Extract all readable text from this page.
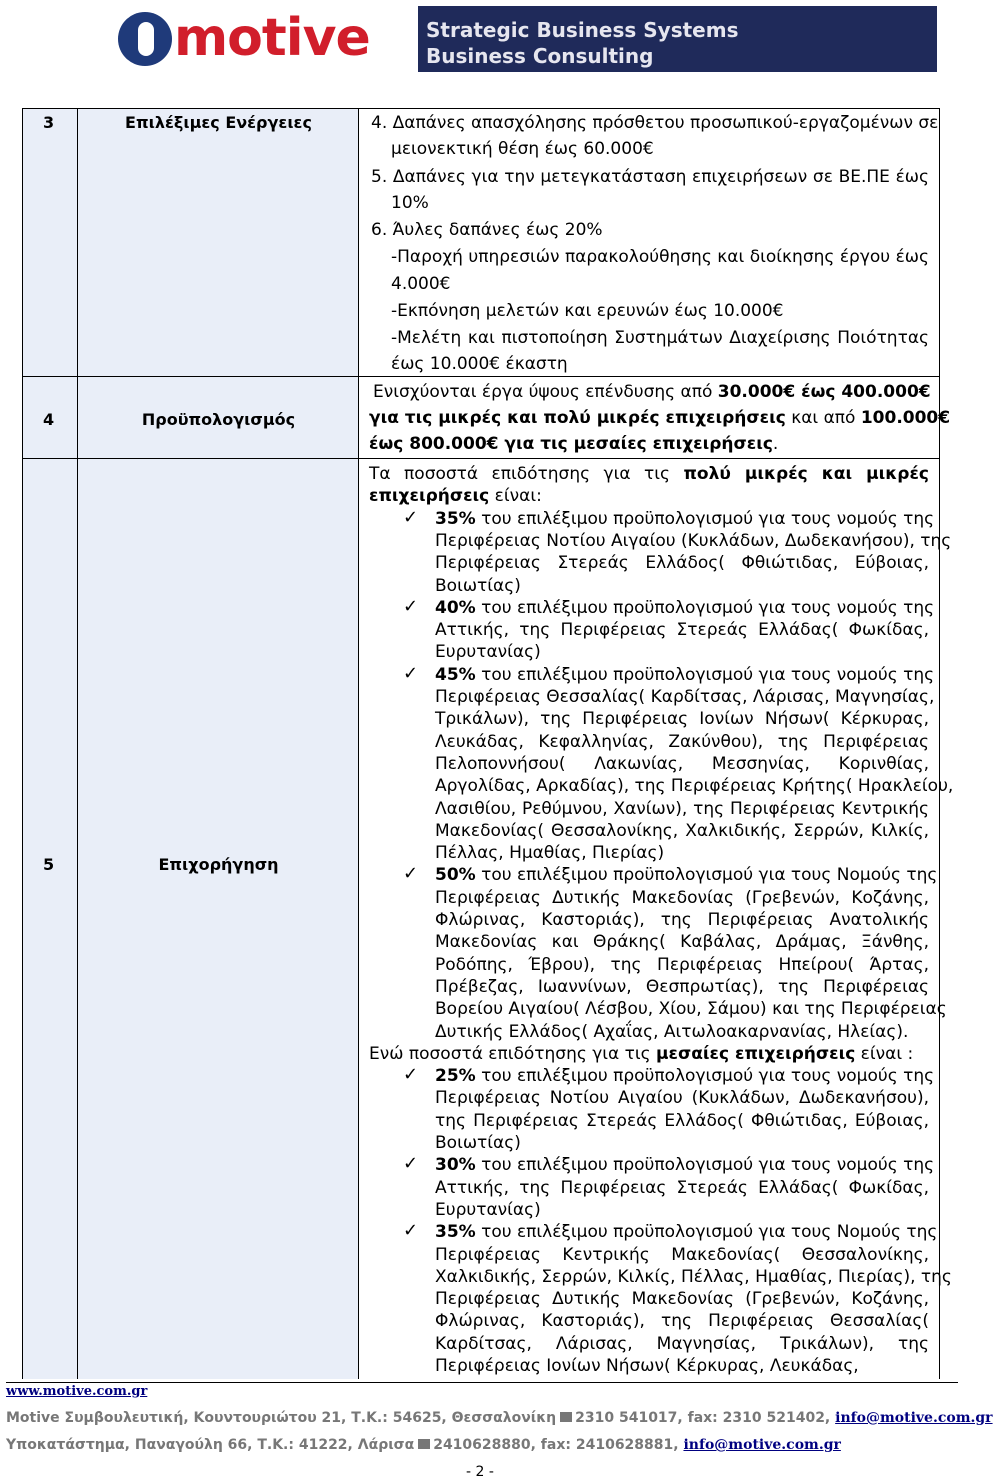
motive	Strategic Business Systems
Business Consulting
3	Επιλέξιμες Ενέργειες	4. Δαπάνες απασχόλησης πρόσθετου προσωπικού-εργαζομένων σε
μειονεκτική θέση έως 60.000€
5. Δαπάνες για την μετεγκατάσταση επιχειρήσεων σε ΒΕ.ΠΕ έως
10%
6. Άυλες δαπάνες έως 20%
-Παροχή υπηρεσιών παρακολούθησης και διοίκησης έργου έως
4.000€
-Εκπόνηση μελετών και ερευνών έως 10.000€
-Μελέτη και πιστοποίηση Συστημάτων Διαχείρισης Ποιότητας
έως 10.000€ έκαστη
4	Προϋπολογισμός
Ενισχύονται έργα ύψους επένδυσης από 30.000€ έως 400.000€
για τις μικρές και πολύ μικρές επιχειρήσεις και από 100.000€
έως 800.000€ για τις μεσαίες επιχειρήσεις.
5	Επιχορήγηση
Τα ποσοστά επιδότησης για τις πολύ μικρές και μικρές
επιχειρήσεις είναι:
✓ 35% του επιλέξιμου προϋπολογισμού για τους νομούς της
Περιφέρειας Νοτίου Αιγαίου (Κυκλάδων, Δωδεκανήσου), της
Περιφέρειας Στερεάς Ελλάδος( Φθιώτιδας, Εύβοιας,
Βοιωτίας)
✓ 40% του επιλέξιμου προϋπολογισμού για τους νομούς της
Αττικής, της Περιφέρειας Στερεάς Ελλάδας( Φωκίδας,
Ευρυτανίας)
✓ 45% του επιλέξιμου προϋπολογισμού για τους νομούς της
Περιφέρειας Θεσσαλίας( Καρδίτσας, Λάρισας, Μαγνησίας,
Τρικάλων), της Περιφέρειας Ιονίων Νήσων( Κέρκυρας,
Λευκάδας, Κεφαλληνίας, Ζακύνθου), της Περιφέρειας
Πελοποννήσου( Λακωνίας, Μεσσηνίας, Κορινθίας,
Αργολίδας, Αρκαδίας), της Περιφέρειας Κρήτης( Ηρακλείου,
Λασιθίου, Ρεθύμνου, Χανίων), της Περιφέρειας Κεντρικής
Μακεδονίας( Θεσσαλονίκης, Χαλκιδικής, Σερρών, Κιλκίς,
Πέλλας, Ημαθίας, Πιερίας)
✓ 50% του επιλέξιμου προϋπολογισμού για τους Νομούς της
Περιφέρειας Δυτικής Μακεδονίας (Γρεβενών, Κοζάνης,
Φλώρινας, Καστοριάς), της Περιφέρειας Ανατολικής
Μακεδονίας και Θράκης( Καβάλας, Δράμας, Ξάνθης,
Ροδόπης, Έβρου), της Περιφέρειας Ηπείρου( Άρτας,
Πρέβεζας, Ιωαννίνων, Θεσπρωτίας), της Περιφέρειας
Βορείου Αιγαίου( Λέσβου, Χίου, Σάμου) και της Περιφέρειας
Δυτικής Ελλάδος( Αχαΐας, Αιτωλοακαρνανίας, Ηλείας).
Ενώ ποσοστά επιδότησης για τις μεσαίες επιχειρήσεις είναι :
✓ 25% του επιλέξιμου προϋπολογισμού για τους νομούς της
Περιφέρειας Νοτίου Αιγαίου (Κυκλάδων, Δωδεκανήσου),
της Περιφέρειας Στερεάς Ελλάδος( Φθιώτιδας, Εύβοιας,
Βοιωτίας)
✓ 30% του επιλέξιμου προϋπολογισμού για τους νομούς της
Αττικής, της Περιφέρειας Στερεάς Ελλάδας( Φωκίδας,
Ευρυτανίας)
✓ 35% του επιλέξιμου προϋπολογισμού για τους Νομούς της
Περιφέρειας Κεντρικής Μακεδονίας( Θεσσαλονίκης,
Χαλκιδικής, Σερρών, Κιλκίς, Πέλλας, Ημαθίας, Πιερίας), της
Περιφέρειας Δυτικής Μακεδονίας (Γρεβενών, Κοζάνης,
Φλώρινας, Καστοριάς), της Περιφέρειας Θεσσαλίας(
Καρδίτσας, Λάρισας, Μαγνησίας, Τρικάλων), της
Περιφέρειας Ιονίων Νήσων( Κέρκυρας, Λευκάδας,
www.motive.com.gr
Motive Συμβουλευτική, Κουντουριώτου 21, Τ.Κ.: 54625, Θεσσαλονίκη 2310 541017, fax: 2310 521402, info@motive.com.gr
Υποκατάστημα, Παναγούλη 66, Τ.Κ.: 41222, Λάρισα 2410628880, fax: 2410628881, info@motive.com.gr
- 2 -
